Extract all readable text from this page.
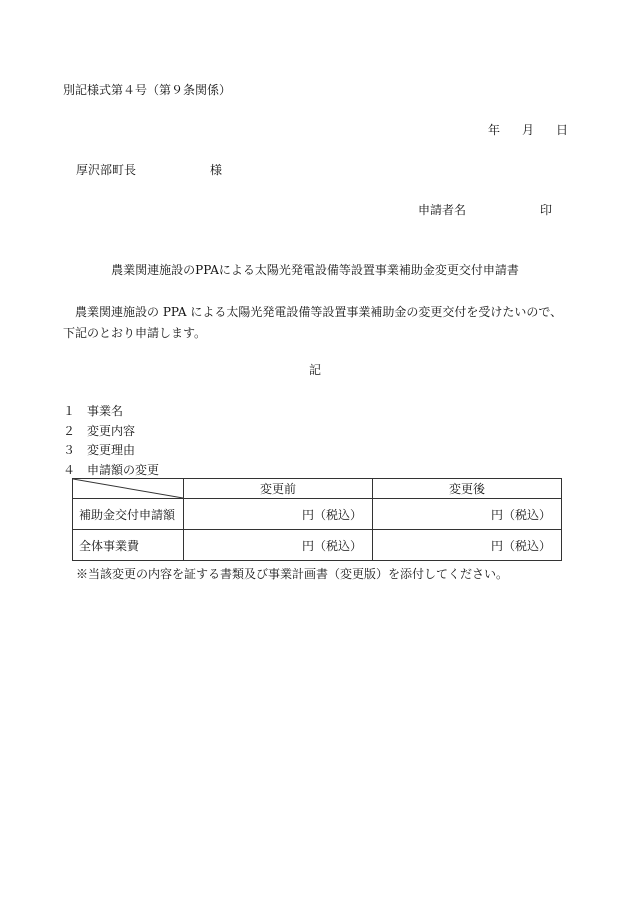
別記様式第４号（第９条関係）
年 月 日
厚沢部町長	様
申請者名	印
農業関連施設のPPAによる太陽光発電設備等設置事業補助金変更交付申請書
農業関連施設の PPA による太陽光発電設備等設置事業補助金の変更交付を受けたいので、下記のとおり申請します。
記
１ 事業名
２ 変更内容
３ 変更理由
４ 申請額の変更
	変更前	変更後
補助金交付申請額	円（税込）	円（税込）
全体事業費	円（税込）	円（税込）
※当該変更の内容を証する書類及び事業計画書（変更版）を添付してください。
